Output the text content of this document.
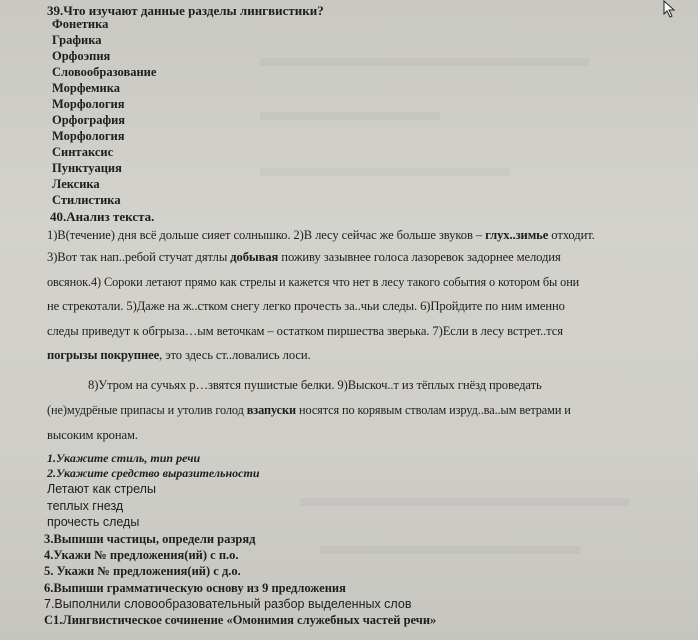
39.Что изучают данные разделы лингвистики?
Фонетика
Графика
Орфоэпия
Словообразование
Морфемика
Морфология
Орфография
Морфология
Синтаксис
Пунктуация
Лексика
Стилистика
40.Анализ текста.
1)В(течение) дня всё дольше сияет солнышко. 2)В лесу сейчас же больше звуков – глух..зимье отходит.
3)Вот так нап..ребой стучат дятлы добывая поживу зазывнее голоса лазоревок задорнее мелодия
овсянок.4) Сороки летают прямо как стрелы и кажется что нет в лесу такого события о котором бы они
не стрекотали. 5)Даже на ж..стком снегу легко прочесть за..чьи следы. 6)Пройдите по ним именно
следы приведут к обгрыза…ым веточкам – остатком пиршества зверька. 7)Если в лесу встрет..тся
погрызы покрупнее, это здесь ст..ловались лоси.
8)Утром на сучьях р…звятся пушистые белки. 9)Выскоч..т из тёплых гнёзд проведать
(не)мудрёные припасы и утолив голод взапуски носятся по корявым стволам изруд..ва..ым ветрами и
высоким кронам.
1.Укажите стиль, тип речи
2.Укажите средство выразительности
Летают как стрелы
теплых гнезд
прочесть следы
3.Выпиши частицы, определи разряд
4.Укажи № предложения(ий) с п.о.
5. Укажи № предложения(ий) с д.о.
6.Выпиши грамматическую основу из 9 предложения
7.Выполнили словообразовательный разбор выделенных слов
С1.Лингвистическое сочинение «Омонимия служебных частей речи»
